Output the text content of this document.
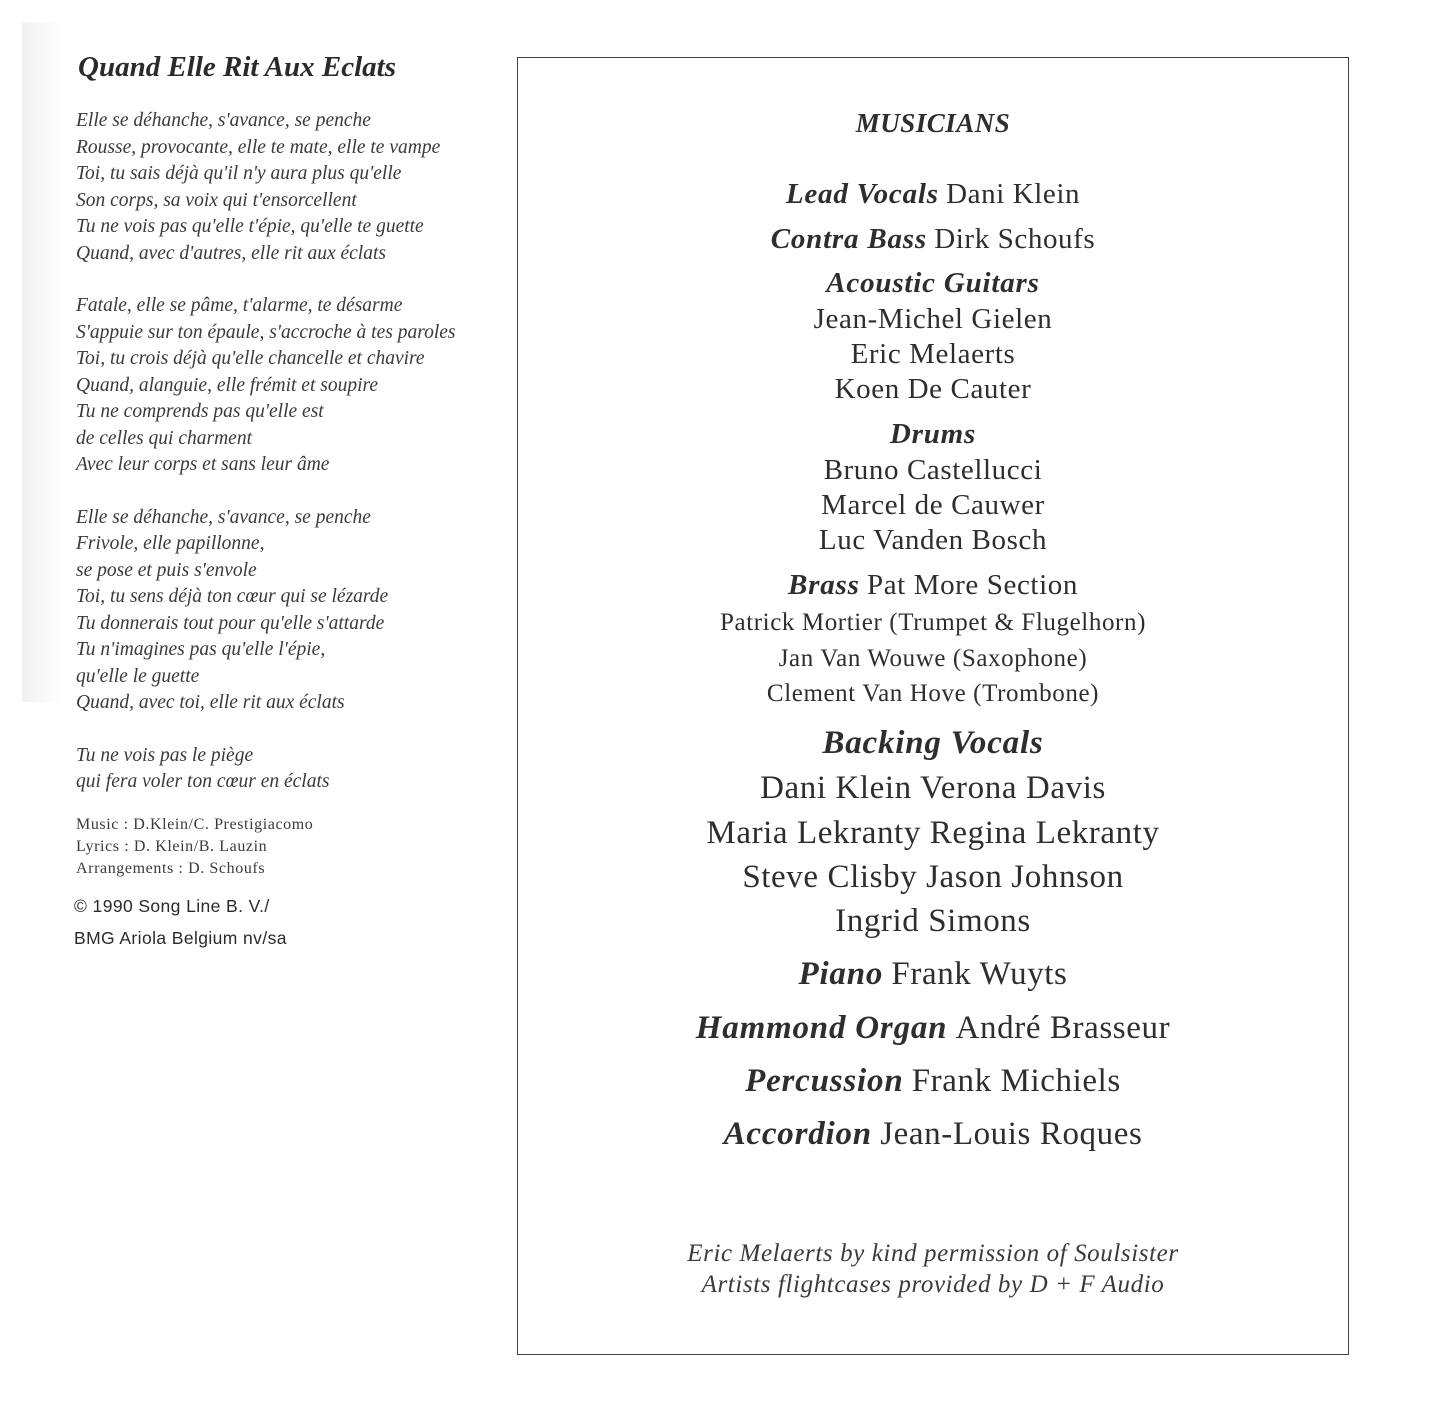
Quand Elle Rit Aux Eclats
Elle se déhanche, s'avance, se penche
Rousse, provocante, elle te mate, elle te vampe
Toi, tu sais déjà qu'il n'y aura plus qu'elle
Son corps, sa voix qui t'ensorcellent
Tu ne vois pas qu'elle t'épie, qu'elle te guette
Quand, avec d'autres, elle rit aux éclats
Fatale, elle se pâme, t'alarme, te désarme
S'appuie sur ton épaule, s'accroche à tes paroles
Toi, tu crois déjà qu'elle chancelle et chavire
Quand, alanguie, elle frémit et soupire
Tu ne comprends pas qu'elle est
de celles qui charment
Avec leur corps et sans leur âme
Elle se déhanche, s'avance, se penche
Frivole, elle papillonne,
se pose et puis s'envole
Toi, tu sens déjà ton cœur qui se lézarde
Tu donnerais tout pour qu'elle s'attarde
Tu n'imagines pas qu'elle l'épie,
qu'elle le guette
Quand, avec toi, elle rit aux éclats
Tu ne vois pas le piège
qui fera voler ton cœur en éclats
Music : D.Klein/C. Prestigiacomo
Lyrics : D. Klein/B. Lauzin
Arrangements : D. Schoufs
© 1990 Song Line B. V./
BMG Ariola Belgium nv/sa
MUSICIANS
Lead Vocals Dani Klein
Contra Bass Dirk Schoufs
Acoustic Guitars
Jean-Michel Gielen
Eric Melaerts
Koen De Cauter
Drums
Bruno Castellucci
Marcel de Cauwer
Luc Vanden Bosch
Brass Pat More Section
Patrick Mortier (Trumpet & Flugelhorn)
Jan Van Wouwe (Saxophone)
Clement Van Hove (Trombone)
Backing Vocals
Dani Klein Verona Davis
Maria Lekranty Regina Lekranty
Steve Clisby Jason Johnson
Ingrid Simons
Piano Frank Wuyts
Hammond Organ André Brasseur
Percussion Frank Michiels
Accordion Jean-Louis Roques
Eric Melaerts by kind permission of Soulsister
Artists flightcases provided by D + F Audio
